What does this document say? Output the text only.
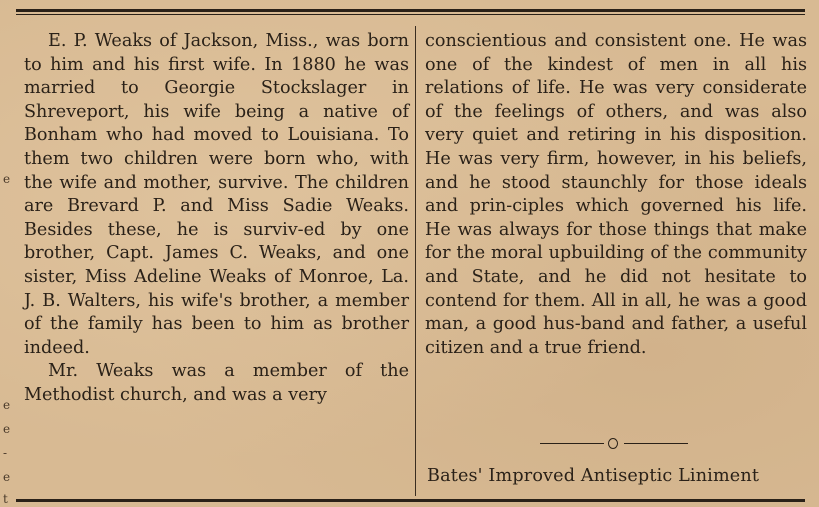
e
e
e
-
e
t

E. P. Weaks of Jackson, Miss., was born to him and his first wife. In 1880 he was married to Georgie Stockslager in Shreveport, his wife being a native of Bonham who had moved to Louisiana. To them two children were born who, with the wife and mother, survive. The children are Brevard P. and Miss Sadie Weaks. Besides these, he is surviv-ed by one brother, Capt. James C. Weaks, and one sister, Miss Adeline Weaks of Monroe, La. J. B. Walters, his wife's brother, a member of the family has been to him as brother indeed.

Mr. Weaks was a member of the Methodist church, and was a very

conscientious and consistent one. He was one of the kindest of men in all his relations of life. He was very considerate of the feelings of others, and was also very quiet and retiring in his disposition. He was very firm, however, in his beliefs, and he stood staunchly for those ideals and prin-ciples which governed his life. He was always for those things that make for the moral upbuilding of the community and State, and he did not hesitate to contend for them. All in all, he was a good man, a good hus-band and father, a useful citizen and a true friend.

Bates' Improved Antiseptic Liniment
